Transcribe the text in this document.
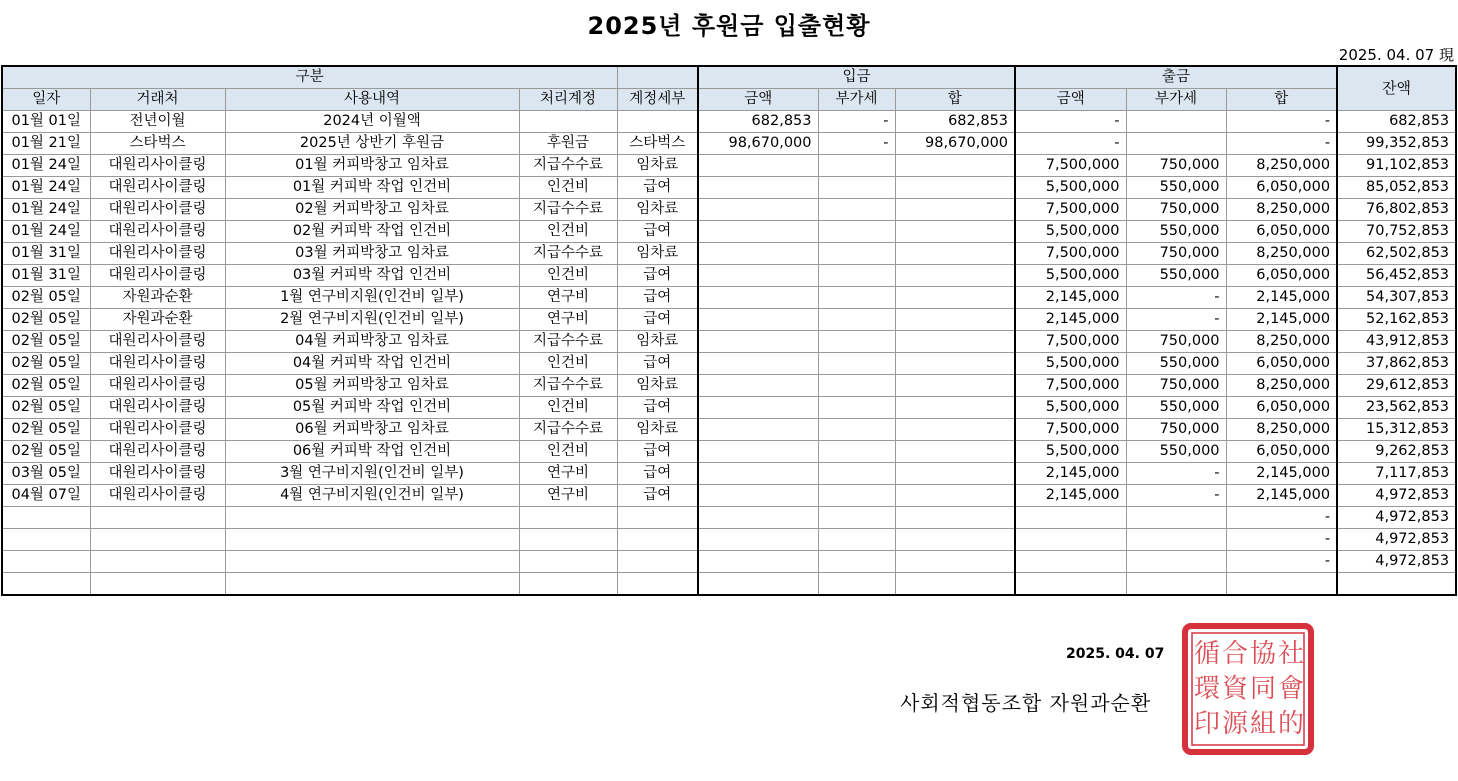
2025년 후원금 입출현황
2025. 04. 07 現
구분					입금			출금			잔액
일자	거래처	사용내역	처리계정	계정세부	금액	부가세	합	금액	부가세	합	
01월 01일	전년이월	2024년 이월액			682,853	-	682,853	-		-	682,853
01월 21일	스타벅스	2025년 상반기 후원금	후원금	스타벅스	98,670,000	-	98,670,000	-		-	99,352,853
01월 24일	대원리사이클링	01월 커피박창고 임차료	지급수수료	임차료				7,500,000	750,000	8,250,000	91,102,853
01월 24일	대원리사이클링	01월 커피박 작업 인건비	인건비	급여				5,500,000	550,000	6,050,000	85,052,853
01월 24일	대원리사이클링	02월 커피박창고 임차료	지급수수료	임차료				7,500,000	750,000	8,250,000	76,802,853
01월 24일	대원리사이클링	02월 커피박 작업 인건비	인건비	급여				5,500,000	550,000	6,050,000	70,752,853
01월 31일	대원리사이클링	03월 커피박창고 임차료	지급수수료	임차료				7,500,000	750,000	8,250,000	62,502,853
01월 31일	대원리사이클링	03월 커피박 작업 인건비	인건비	급여				5,500,000	550,000	6,050,000	56,452,853
02월 05일	자원과순환	1월 연구비지원(인건비 일부)	연구비	급여				2,145,000	-	2,145,000	54,307,853
02월 05일	자원과순환	2월 연구비지원(인건비 일부)	연구비	급여				2,145,000	-	2,145,000	52,162,853
02월 05일	대원리사이클링	04월 커피박창고 임차료	지급수수료	임차료				7,500,000	750,000	8,250,000	43,912,853
02월 05일	대원리사이클링	04월 커피박 작업 인건비	인건비	급여				5,500,000	550,000	6,050,000	37,862,853
02월 05일	대원리사이클링	05월 커피박창고 임차료	지급수수료	임차료				7,500,000	750,000	8,250,000	29,612,853
02월 05일	대원리사이클링	05월 커피박 작업 인건비	인건비	급여				5,500,000	550,000	6,050,000	23,562,853
02월 05일	대원리사이클링	06월 커피박창고 임차료	지급수수료	임차료				7,500,000	750,000	8,250,000	15,312,853
02월 05일	대원리사이클링	06월 커피박 작업 인건비	인건비	급여				5,500,000	550,000	6,050,000	9,262,853
03월 05일	대원리사이클링	3월 연구비지원(인건비 일부)	연구비	급여				2,145,000	-	2,145,000	7,117,853
04월 07일	대원리사이클링	4월 연구비지원(인건비 일부)	연구비	급여				2,145,000	-	2,145,000	4,972,853
										-	4,972,853
										-	4,972,853
										-	4,972,853

2025. 04. 07
사회적협동조합 자원과순환
社
會
的
協
同
組
合
資
源
循
環
印
